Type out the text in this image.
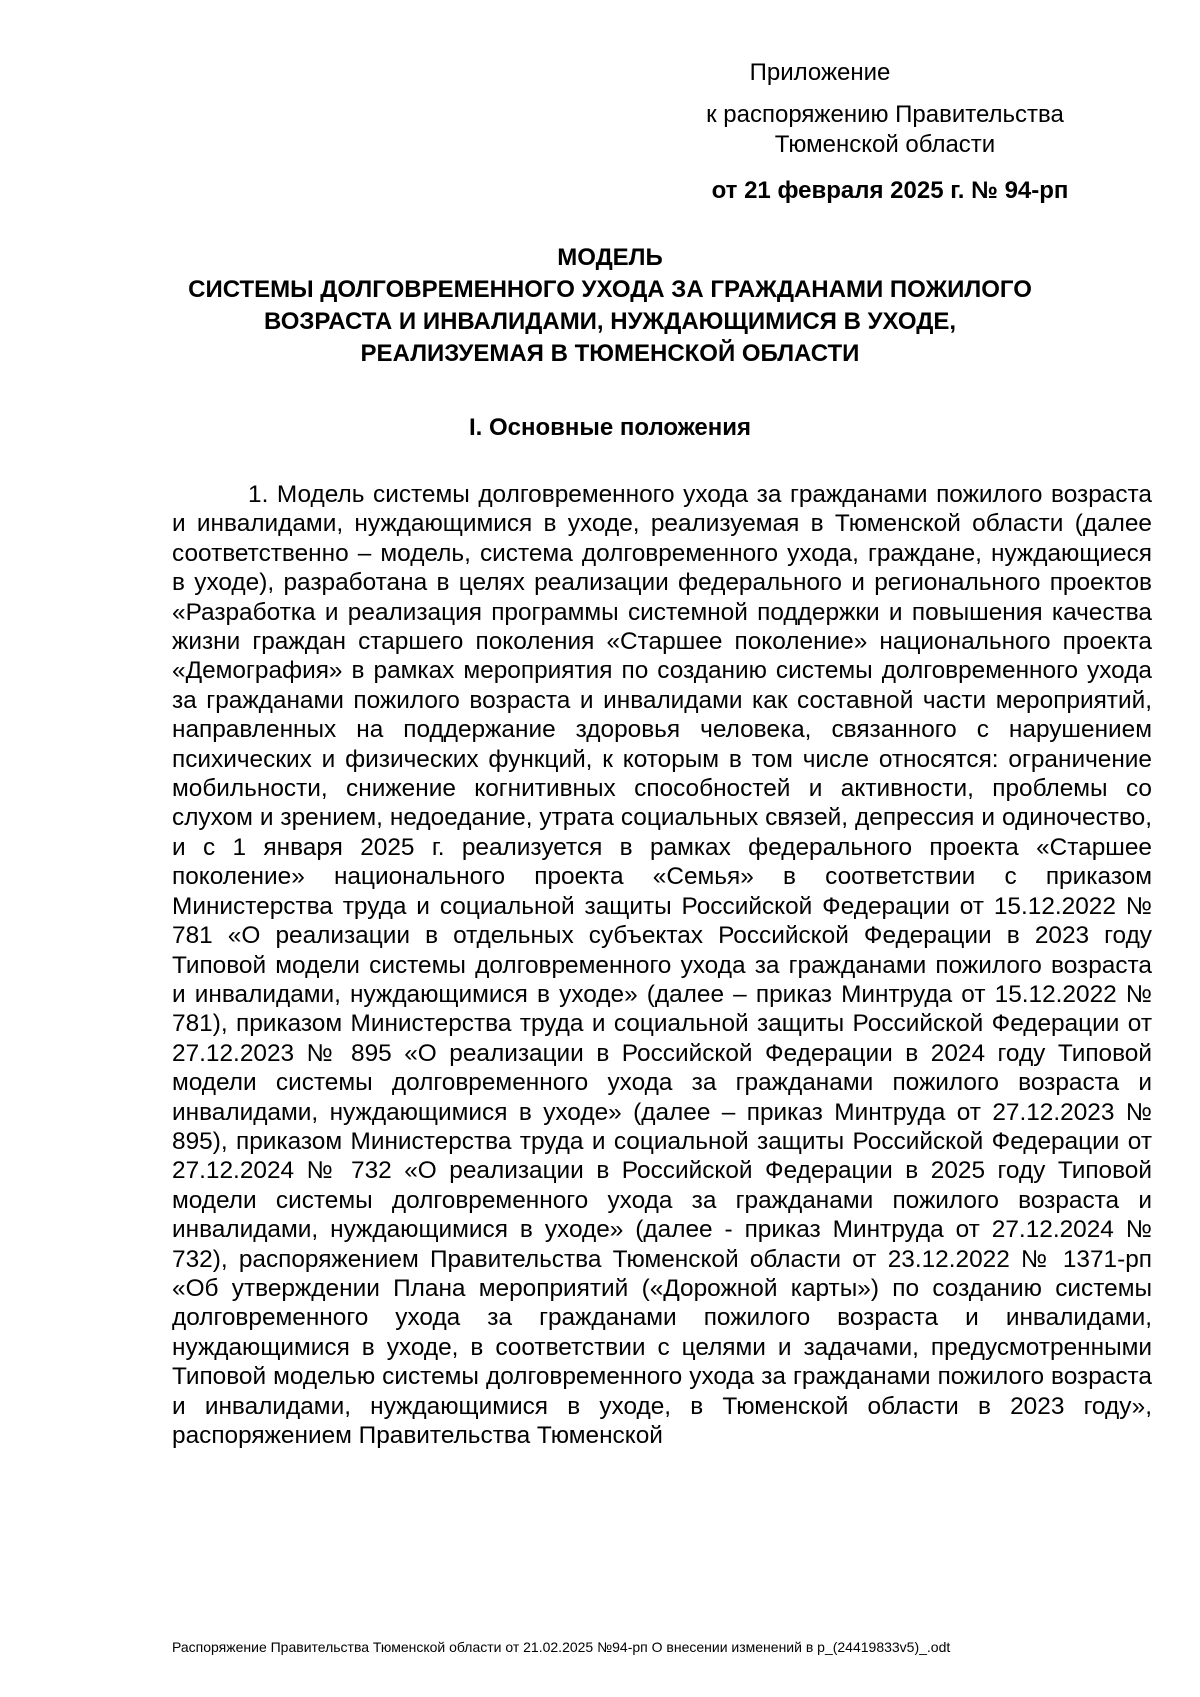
Приложение
к распоряжению Правительства Тюменской области
от 21 февраля 2025 г. № 94-рп
МОДЕЛЬ
СИСТЕМЫ ДОЛГОВРЕМЕННОГО УХОДА ЗА ГРАЖДАНАМИ ПОЖИЛОГО
ВОЗРАСТА И ИНВАЛИДАМИ, НУЖДАЮЩИМИСЯ В УХОДЕ,
РЕАЛИЗУЕМАЯ В ТЮМЕНСКОЙ ОБЛАСТИ
I. Основные положения
1. Модель системы долговременного ухода за гражданами пожилого возраста и инвалидами, нуждающимися в уходе, реализуемая в Тюменской области (далее соответственно – модель, система долговременного ухода, граждане, нуждающиеся в уходе), разработана в целях реализации федерального и регионального проектов «Разработка и реализация программы системной поддержки и повышения качества жизни граждан старшего поколения «Старшее поколение» национального проекта «Демография» в рамках мероприятия по созданию системы долговременного ухода за гражданами пожилого возраста и инвалидами как составной части мероприятий, направленных на поддержание здоровья человека, связанного с нарушением психических и физических функций, к которым в том числе относятся: ограничение мобильности, снижение когнитивных способностей и активности, проблемы со слухом и зрением, недоедание, утрата социальных связей, депрессия и одиночество, и с 1 января 2025 г. реализуется в рамках федерального проекта «Старшее поколение» национального проекта «Семья» в соответствии с приказом Министерства труда и социальной защиты Российской Федерации от 15.12.2022 № 781 «О реализации в отдельных субъектах Российской Федерации в 2023 году Типовой модели системы долговременного ухода за гражданами пожилого возраста и инвалидами, нуждающимися в уходе» (далее – приказ Минтруда от 15.12.2022 № 781), приказом Министерства труда и социальной защиты Российской Федерации от 27.12.2023 № 895 «О реализации в Российской Федерации в 2024 году Типовой модели системы долговременного ухода за гражданами пожилого возраста и инвалидами, нуждающимися в уходе» (далее – приказ Минтруда от 27.12.2023 № 895), приказом Министерства труда и социальной защиты Российской Федерации от 27.12.2024 № 732 «О реализации в Российской Федерации в 2025 году Типовой модели системы долговременного ухода за гражданами пожилого возраста и инвалидами, нуждающимися в уходе» (далее - приказ Минтруда от 27.12.2024 № 732), распоряжением Правительства Тюменской области от 23.12.2022 № 1371-рп «Об утверждении Плана мероприятий («Дорожной карты») по созданию системы долговременного ухода за гражданами пожилого возраста и инвалидами, нуждающимися в уходе, в соответствии с целями и задачами, предусмотренными Типовой моделью системы долговременного ухода за гражданами пожилого возраста и инвалидами, нуждающимися в уходе, в Тюменской области в 2023 году», распоряжением Правительства Тюменской
Распоряжение Правительства Тюменской области от 21.02.2025 №94-рп О внесении изменений в р_(24419833v5)_.odt
